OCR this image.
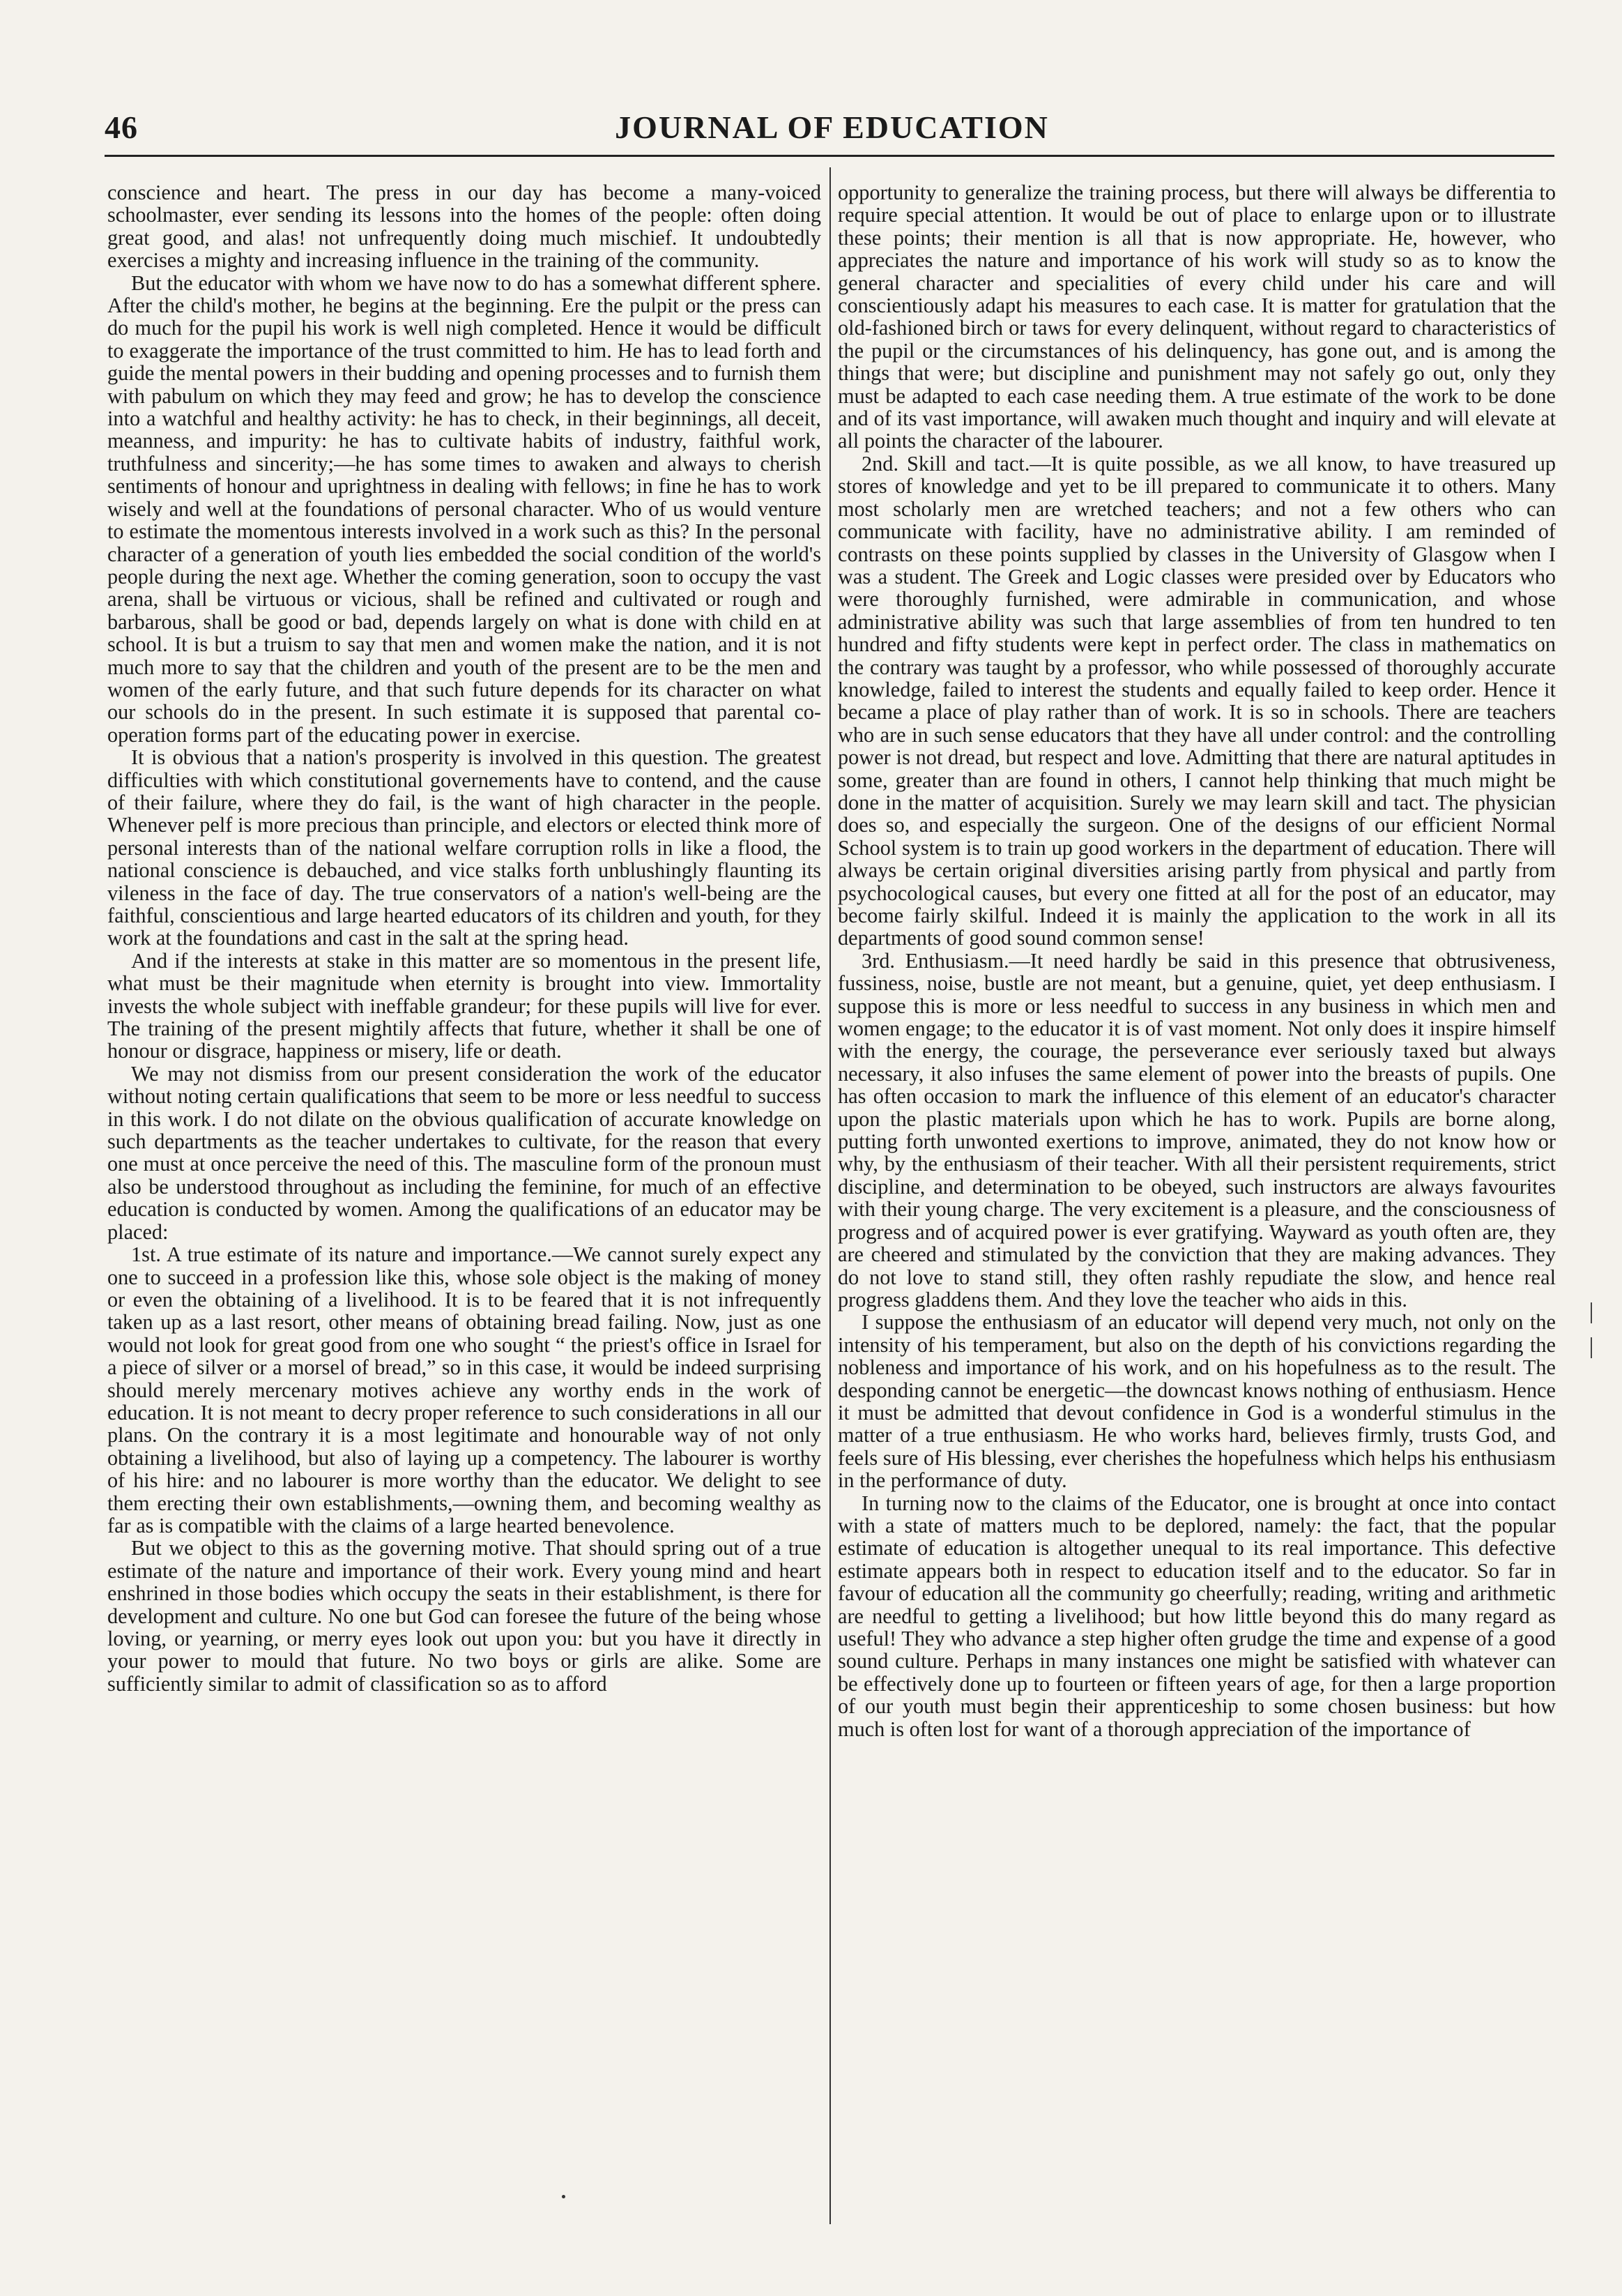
46	JOURNAL OF EDUCATION

conscience and heart. The press in our day has become a many-voiced schoolmaster, ever sending its lessons into the homes of the people: often doing great good, and alas! not unfrequently doing much mischief. It undoubtedly exercises a mighty and increasing influence in the training of the community.

But the educator with whom we have now to do has a somewhat different sphere. After the child's mother, he begins at the beginning. Ere the pulpit or the press can do much for the pupil his work is well nigh completed. Hence it would be difficult to exaggerate the importance of the trust committed to him. He has to lead forth and guide the mental powers in their budding and opening processes and to furnish them with pabulum on which they may feed and grow; he has to develop the conscience into a watchful and healthy activity: he has to check, in their beginnings, all deceit, meanness, and impurity: he has to cultivate habits of industry, faithful work, truthfulness and sincerity;—he has some times to awaken and always to cherish sentiments of honour and uprightness in dealing with fellows; in fine he has to work wisely and well at the foundations of personal character. Who of us would venture to estimate the momentous interests involved in a work such as this? In the personal character of a generation of youth lies embedded the social condition of the world's people during the next age. Whether the coming generation, soon to occupy the vast arena, shall be virtuous or vicious, shall be refined and cultivated or rough and barbarous, shall be good or bad, depends largely on what is done with child en at school. It is but a truism to say that men and women make the nation, and it is not much more to say that the children and youth of the present are to be the men and women of the early future, and that such future depends for its character on what our schools do in the present. In such estimate it is supposed that parental co-operation forms part of the educating power in exercise.

It is obvious that a nation's prosperity is involved in this question. The greatest difficulties with which constitutional governements have to contend, and the cause of their failure, where they do fail, is the want of high character in the people. Whenever pelf is more precious than principle, and electors or elected think more of personal interests than of the national welfare corruption rolls in like a flood, the national conscience is debauched, and vice stalks forth unblushingly flaunting its vileness in the face of day. The true conservators of a nation's well-being are the faithful, conscientious and large hearted educators of its children and youth, for they work at the foundations and cast in the salt at the spring head.

And if the interests at stake in this matter are so momentous in the present life, what must be their magnitude when eternity is brought into view. Immortality invests the whole subject with ineffable grandeur; for these pupils will live for ever. The training of the present mightily affects that future, whether it shall be one of honour or disgrace, happiness or misery, life or death.

We may not dismiss from our present consideration the work of the educator without noting certain qualifications that seem to be more or less needful to success in this work. I do not dilate on the obvious qualification of accurate knowledge on such departments as the teacher undertakes to cultivate, for the reason that every one must at once perceive the need of this. The masculine form of the pronoun must also be understood throughout as including the feminine, for much of an effective education is conducted by women. Among the qualifications of an educator may be placed:

1st. A true estimate of its nature and importance.—We cannot surely expect any one to succeed in a profession like this, whose sole object is the making of money or even the obtaining of a livelihood. It is to be feared that it is not infrequently taken up as a last resort, other means of obtaining bread failing. Now, just as one would not look for great good from one who sought “ the priest's office in Israel for a piece of silver or a morsel of bread,” so in this case, it would be indeed surprising should merely mercenary motives achieve any worthy ends in the work of education. It is not meant to decry proper reference to such considerations in all our plans. On the contrary it is a most legitimate and honourable way of not only obtaining a livelihood, but also of laying up a competency. The labourer is worthy of his hire: and no labourer is more worthy than the educator. We delight to see them erecting their own establishments,—owning them, and becoming wealthy as far as is compatible with the claims of a large hearted benevolence.

But we object to this as the governing motive. That should spring out of a true estimate of the nature and importance of their work. Every young mind and heart enshrined in those bodies which occupy the seats in their establishment, is there for development and culture. No one but God can foresee the future of the being whose loving, or yearning, or merry eyes look out upon you: but you have it directly in your power to mould that future. No two boys or girls are alike. Some are sufficiently similar to admit of classification so as to afford

opportunity to generalize the training process, but there will always be differentia to require special attention. It would be out of place to enlarge upon or to illustrate these points; their mention is all that is now appropriate. He, however, who appreciates the nature and importance of his work will study so as to know the general character and specialities of every child under his care and will conscientiously adapt his measures to each case. It is matter for gratulation that the old-fashioned birch or taws for every delinquent, without regard to characteristics of the pupil or the circumstances of his delinquency, has gone out, and is among the things that were; but discipline and punishment may not safely go out, only they must be adapted to each case needing them. A true estimate of the work to be done and of its vast importance, will awaken much thought and inquiry and will elevate at all points the character of the labourer.

2nd. Skill and tact.—It is quite possible, as we all know, to have treasured up stores of knowledge and yet to be ill prepared to communicate it to others. Many most scholarly men are wretched teachers; and not a few others who can communicate with facility, have no administrative ability. I am reminded of contrasts on these points supplied by classes in the University of Glasgow when I was a student. The Greek and Logic classes were presided over by Educators who were thoroughly furnished, were admirable in communication, and whose administrative ability was such that large assemblies of from ten hundred to ten hundred and fifty students were kept in perfect order. The class in mathematics on the contrary was taught by a professor, who while possessed of thoroughly accurate knowledge, failed to interest the students and equally failed to keep order. Hence it became a place of play rather than of work. It is so in schools. There are teachers who are in such sense educators that they have all under control: and the controlling power is not dread, but respect and love. Admitting that there are natural aptitudes in some, greater than are found in others, I cannot help thinking that much might be done in the matter of acquisition. Surely we may learn skill and tact. The physician does so, and especially the surgeon. One of the designs of our efficient Normal School system is to train up good workers in the department of education. There will always be certain original diversities arising partly from physical and partly from psychocological causes, but every one fitted at all for the post of an educator, may become fairly skilful. Indeed it is mainly the application to the work in all its departments of good sound common sense!

3rd. Enthusiasm.—It need hardly be said in this presence that obtrusiveness, fussiness, noise, bustle are not meant, but a genuine, quiet, yet deep enthusiasm. I suppose this is more or less needful to success in any business in which men and women engage; to the educator it is of vast moment. Not only does it inspire himself with the energy, the courage, the perseverance ever seriously taxed but always necessary, it also infuses the same element of power into the breasts of pupils. One has often occasion to mark the influence of this element of an educator's character upon the plastic materials upon which he has to work. Pupils are borne along, putting forth unwonted exertions to improve, animated, they do not know how or why, by the enthusiasm of their teacher. With all their persistent requirements, strict discipline, and determination to be obeyed, such instructors are always favourites with their young charge. The very excitement is a pleasure, and the consciousness of progress and of acquired power is ever gratifying. Wayward as youth often are, they are cheered and stimulated by the conviction that they are making advances. They do not love to stand still, they often rashly repudiate the slow, and hence real progress gladdens them. And they love the teacher who aids in this.

I suppose the enthusiasm of an educator will depend very much, not only on the intensity of his temperament, but also on the depth of his convictions regarding the nobleness and importance of his work, and on his hopefulness as to the result. The desponding cannot be energetic—the downcast knows nothing of enthusiasm. Hence it must be admitted that devout confidence in God is a wonderful stimulus in the matter of a true enthusiasm. He who works hard, believes firmly, trusts God, and feels sure of His blessing, ever cherishes the hopefulness which helps his enthusiasm in the performance of duty.

In turning now to the claims of the Educator, one is brought at once into contact with a state of matters much to be deplored, namely: the fact, that the popular estimate of education is altogether unequal to its real importance. This defective estimate appears both in respect to education itself and to the educator. So far in favour of education all the community go cheerfully; reading, writing and arithmetic are needful to getting a livelihood; but how little beyond this do many regard as useful! They who advance a step higher often grudge the time and expense of a good sound culture. Perhaps in many instances one might be satisfied with whatever can be effectively done up to fourteen or fifteen years of age, for then a large proportion of our youth must begin their apprenticeship to some chosen business: but how much is often lost for want of a thorough appreciation of the importance of
